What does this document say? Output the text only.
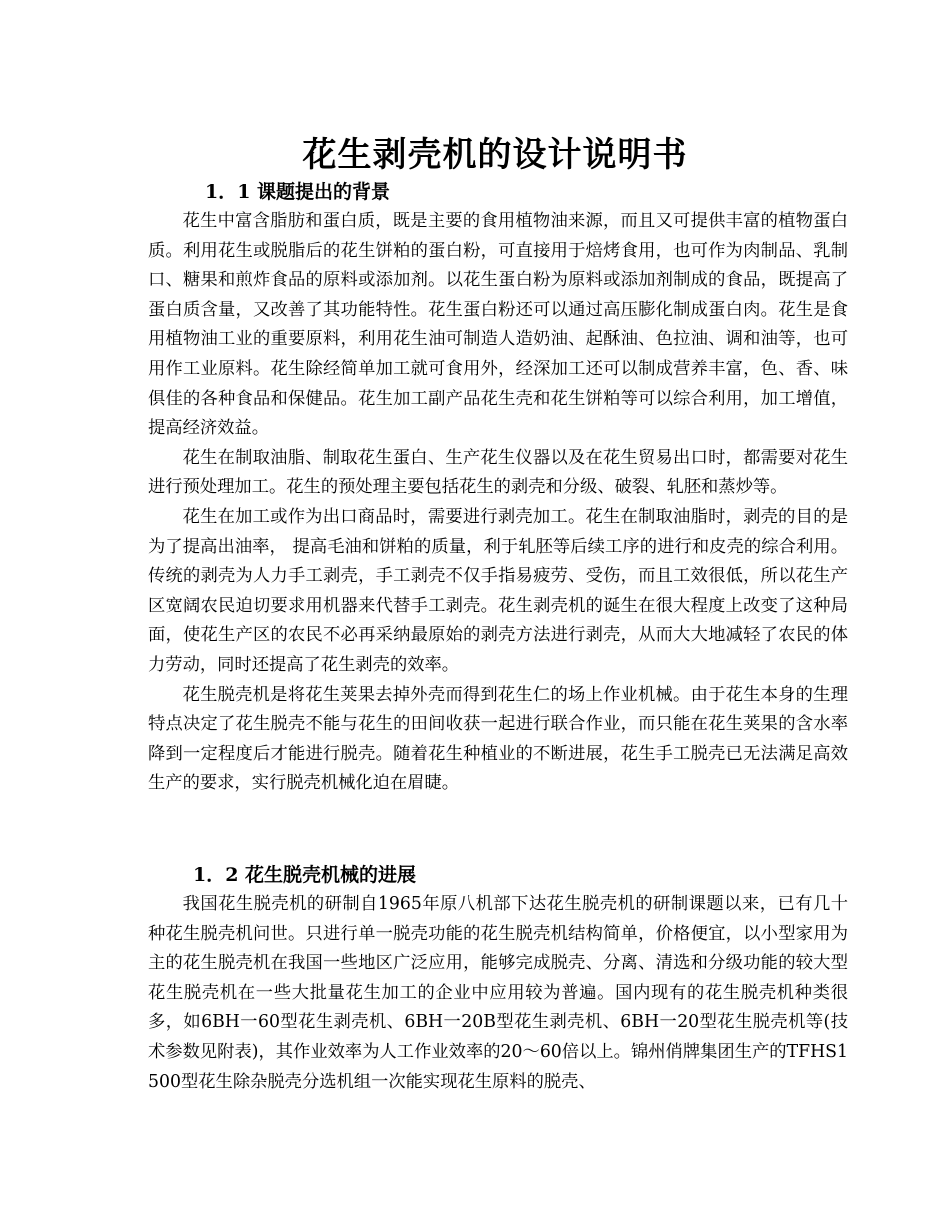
花生剥壳机的设计说明书
1．1 课题提出的背景

花生中富含脂肪和蛋白质，既是主要的食用植物油来源，而且又可提供丰富的植物蛋白质。利用花生或脱脂后的花生饼粕的蛋白粉，可直接用于焙烤食用，也可作为肉制品、乳制口、糖果和煎炸食品的原料或添加剂。以花生蛋白粉为原料或添加剂制成的食品，既提高了蛋白质含量，又改善了其功能特性。花生蛋白粉还可以通过高压膨化制成蛋白肉。花生是食用植物油工业的重要原料，利用花生油可制造人造奶油、起酥油、色拉油、调和油等，也可用作工业原料。花生除经简单加工就可食用外，经深加工还可以制成营养丰富，色、香、味俱佳的各种食品和保健品。花生加工副产品花生壳和花生饼粕等可以综合利用，加工增值，提高经济效益。

花生在制取油脂、制取花生蛋白、生产花生仪器以及在花生贸易出口时，都需要对花生进行预处理加工。花生的预处理主要包括花生的剥壳和分级、破裂、轧胚和蒸炒等。

花生在加工或作为出口商品时，需要进行剥壳加工。花生在制取油脂时，剥壳的目的是为了提高出油率， 提高毛油和饼粕的质量，利于轧胚等后续工序的进行和皮壳的综合利用。传统的剥壳为人力手工剥壳，手工剥壳不仅手指易疲劳、受伤，而且工效很低，所以花生产区宽阔农民迫切要求用机器来代替手工剥壳。花生剥壳机的诞生在很大程度上改变了这种局面，使花生产区的农民不必再采纳最原始的剥壳方法进行剥壳，从而大大地减轻了农民的体力劳动，同时还提高了花生剥壳的效率。

花生脱壳机是将花生荚果去掉外壳而得到花生仁的场上作业机械。由于花生本身的生理特点决定了花生脱壳不能与花生的田间收获一起进行联合作业，而只能在花生荚果的含水率降到一定程度后才能进行脱壳。随着花生种植业的不断进展，花生手工脱壳已无法满足高效生产的要求，实行脱壳机械化迫在眉睫。

1．2 花生脱壳机械的进展

我国花生脱壳机的研制自1965年原八机部下达花生脱壳机的研制课题以来，已有几十种花生脱壳机问世。只进行单一脱壳功能的花生脱壳机结构简单，价格便宜，以小型家用为主的花生脱壳机在我国一些地区广泛应用，能够完成脱壳、分离、清选和分级功能的较大型花生脱壳机在一些大批量花生加工的企业中应用较为普遍。国内现有的花生脱壳机种类很多，如6BH一60型花生剥壳机、6BH一20B型花生剥壳机、6BH一20型花生脱壳机等(技术参数见附表)，其作业效率为人工作业效率的20～60倍以上。锦州俏牌集团生产的TFHS1500型花生除杂脱壳分选机组一次能实现花生原料的脱壳、
